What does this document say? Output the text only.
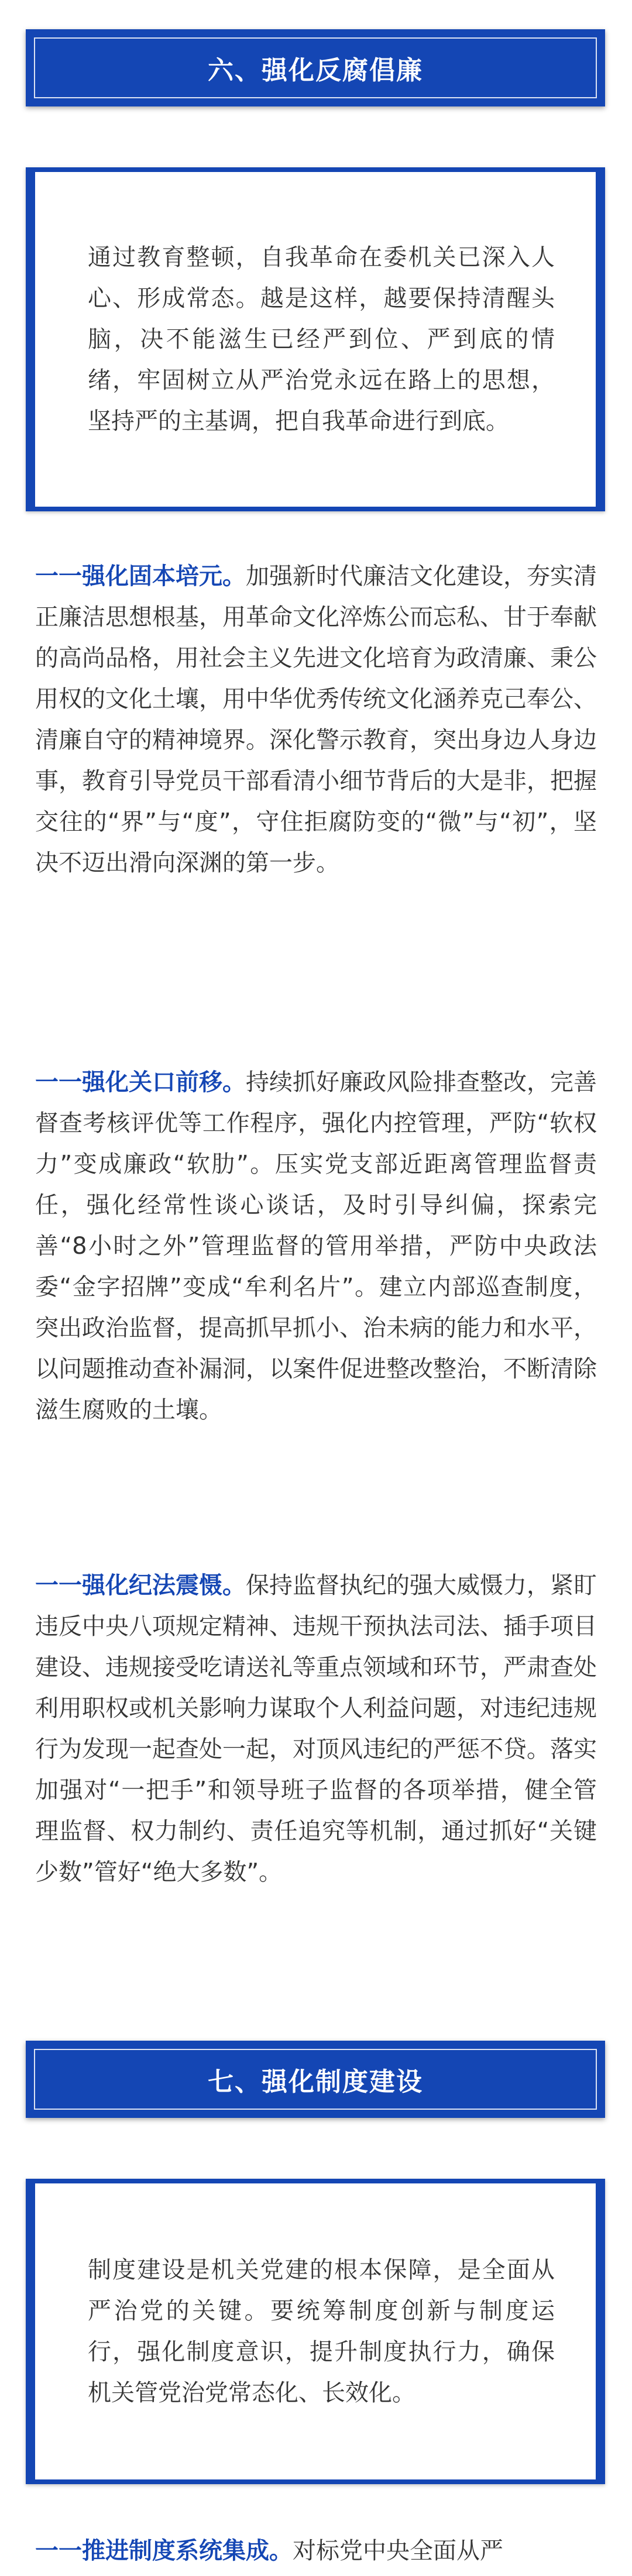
六、强化反腐倡廉

通过教育整顿，自我革命在委机关已深入人心、形成常态。越是这样，越要保持清醒头脑，决不能滋生已经严到位、严到底的情绪，牢固树立从严治党永远在路上的思想，坚持严的主基调，把自我革命进行到底。

一一强化固本培元。加强新时代廉洁文化建设，夯实清正廉洁思想根基，用革命文化淬炼公而忘私、甘于奉献的高尚品格，用社会主义先进文化培育为政清廉、秉公用权的文化土壤，用中华优秀传统文化涵养克己奉公、清廉自守的精神境界。深化警示教育，突出身边人身边事，教育引导党员干部看清小细节背后的大是非，把握交往的“界”与“度”，守住拒腐防变的“微”与“初”，坚决不迈出滑向深渊的第一步。

一一强化关口前移。持续抓好廉政风险排查整改，完善督查考核评优等工作程序，强化内控管理，严防“软权力”变成廉政“软肋”。压实党支部近距离管理监督责任，强化经常性谈心谈话，及时引导纠偏，探索完善“8小时之外”管理监督的管用举措，严防中央政法委“金字招牌”变成“牟利名片”。建立内部巡查制度，突出政治监督，提高抓早抓小、治未病的能力和水平，以问题推动查补漏洞，以案件促进整改整治，不断清除滋生腐败的土壤。

一一强化纪法震慑。保持监督执纪的强大威慑力，紧盯违反中央八项规定精神、违规干预执法司法、插手项目建设、违规接受吃请送礼等重点领域和环节，严肃查处利用职权或机关影响力谋取个人利益问题，对违纪违规行为发现一起查处一起，对顶风违纪的严惩不贷。落实加强对“一把手”和领导班子监督的各项举措，健全管理监督、权力制约、责任追究等机制，通过抓好“关键少数”管好“绝大多数”。

七、强化制度建设

制度建设是机关党建的根本保障，是全面从严治党的关键。要统筹制度创新与制度运行，强化制度意识，提升制度执行力，确保机关管党治党常态化、长效化。

一一推进制度系统集成。对标党中央全面从严
